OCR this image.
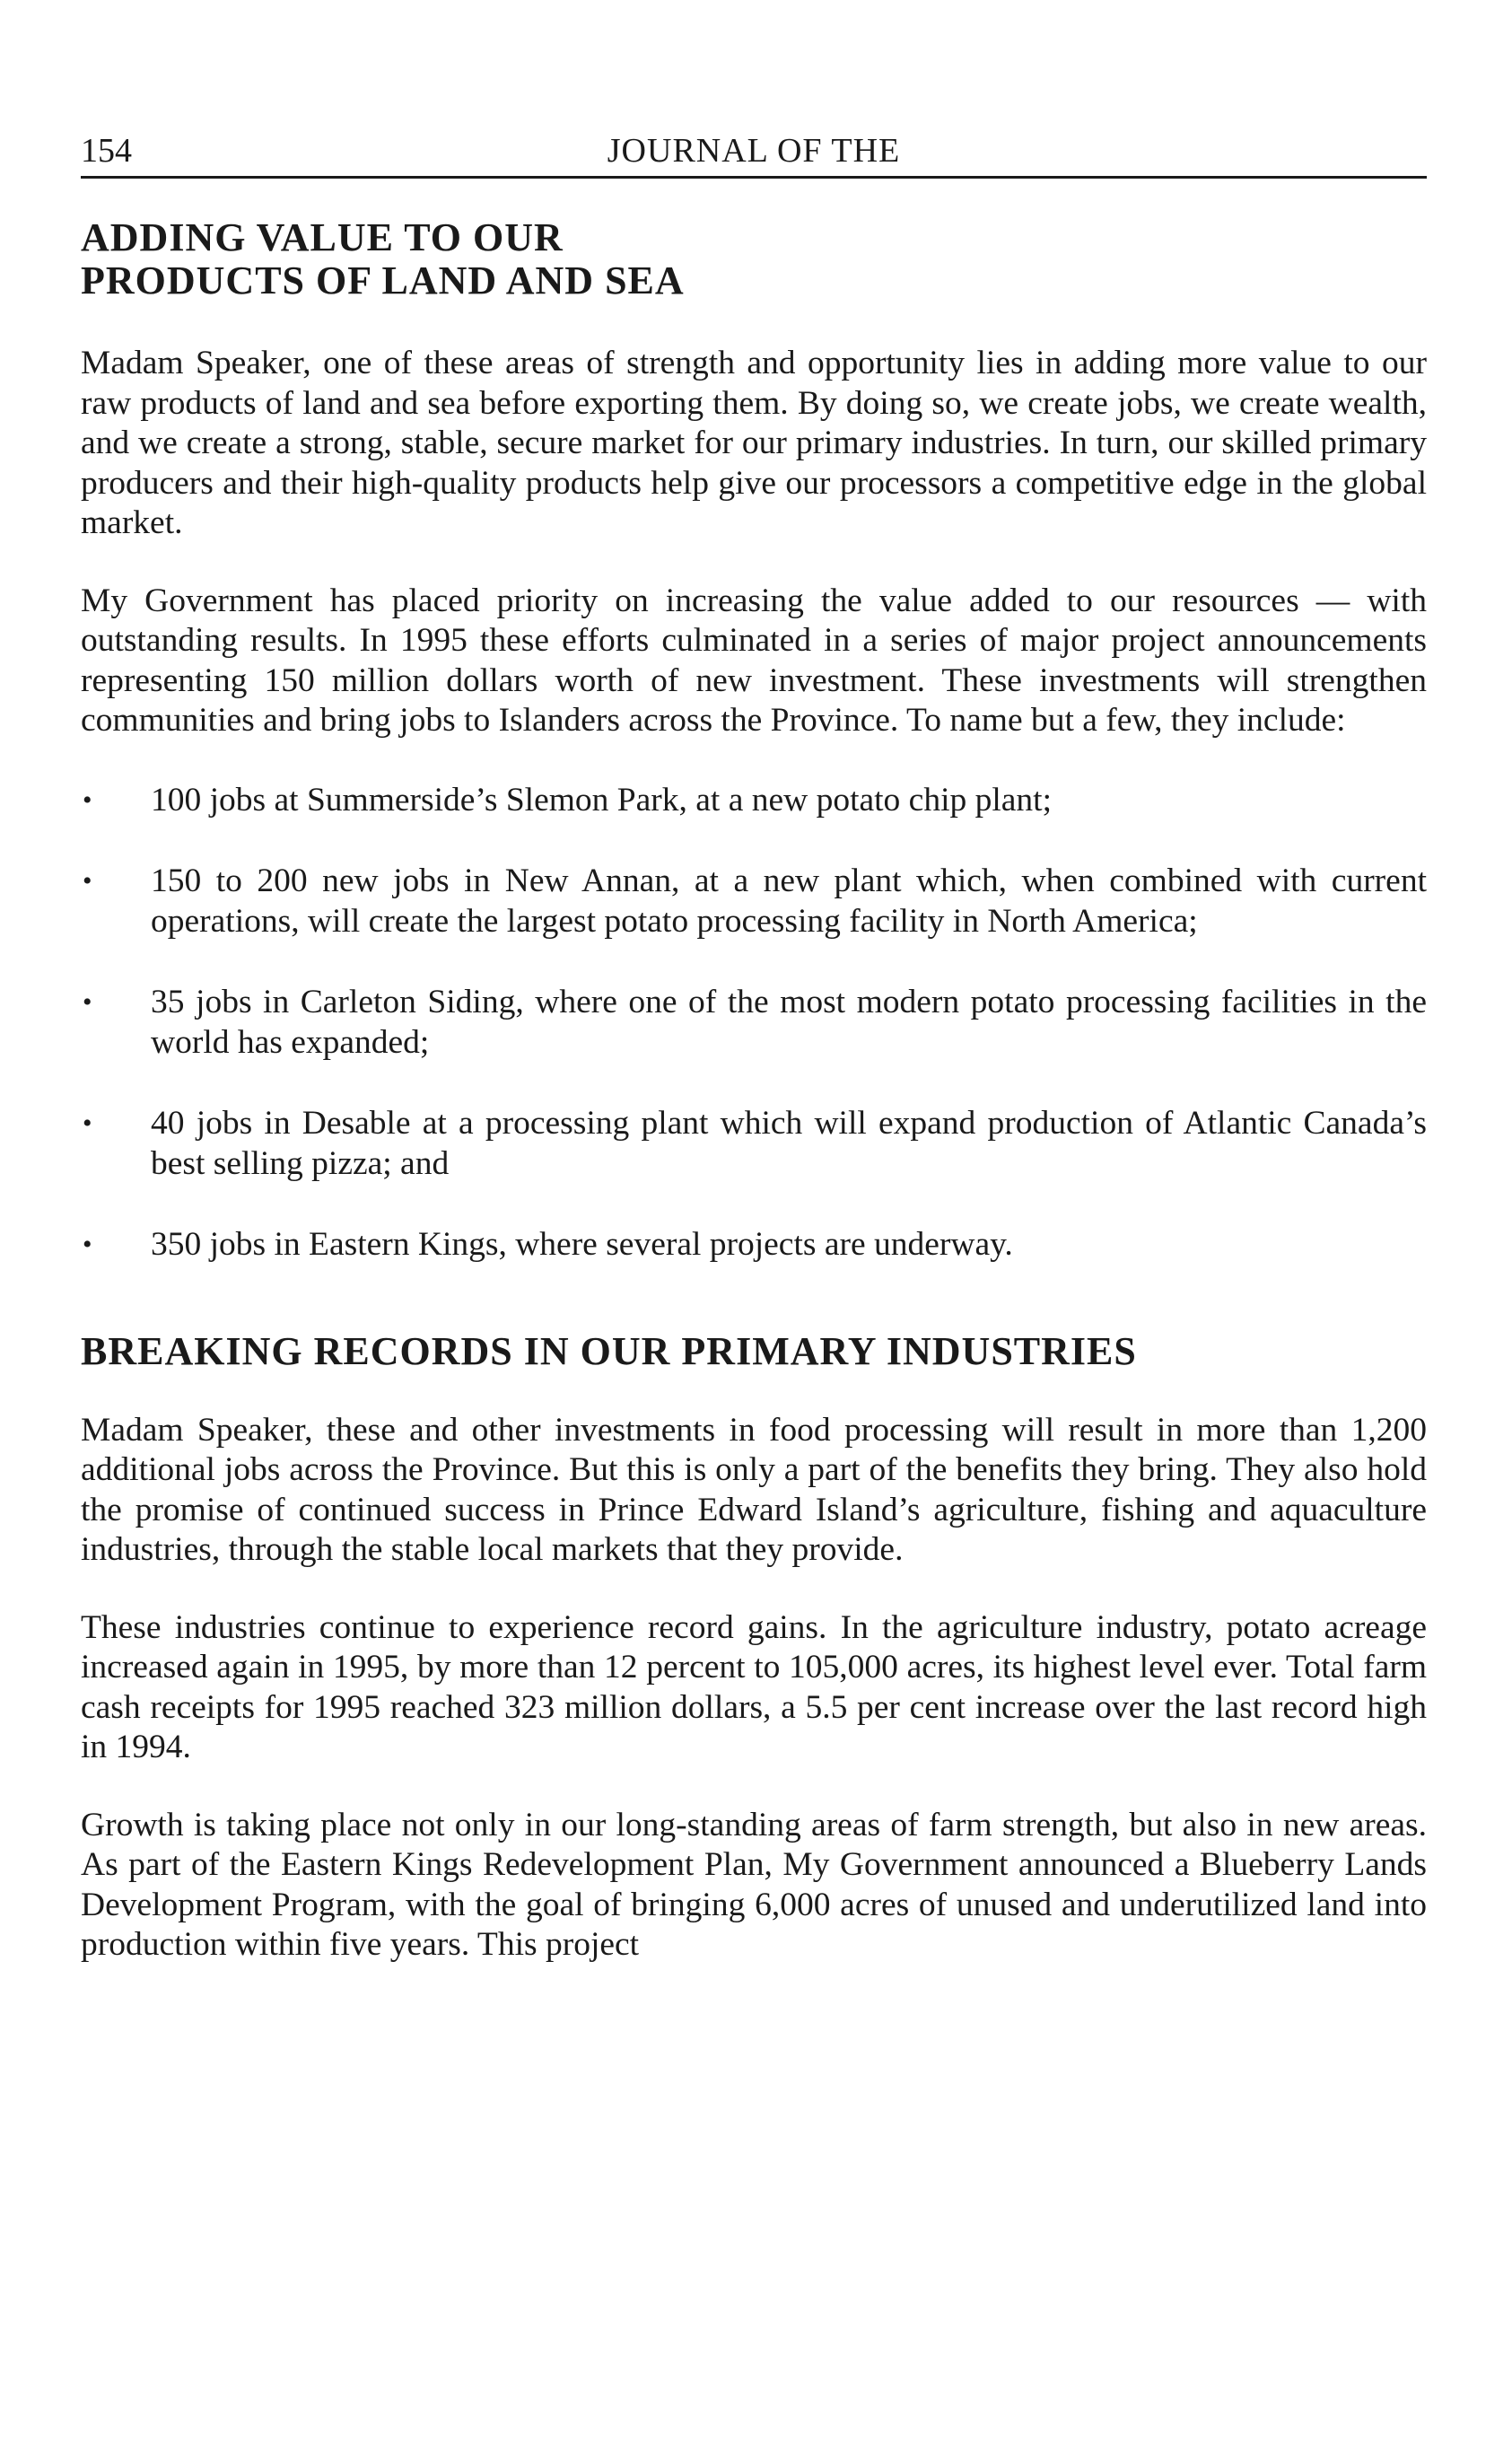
154	JOURNAL OF THE
ADDING VALUE TO OUR
PRODUCTS OF LAND AND SEA

Madam Speaker, one of these areas of strength and opportunity lies in adding more value to our raw products of land and sea before exporting them. By doing so, we create jobs, we create wealth, and we create a strong, stable, secure market for our primary industries. In turn, our skilled primary producers and their high-quality products help give our processors a competitive edge in the global market.

My Government has placed priority on increasing the value added to our resources — with outstanding results. In 1995 these efforts culminated in a series of major project announcements representing 150 million dollars worth of new investment. These investments will strengthen communities and bring jobs to Islanders across the Province. To name but a few, they include:

• 100 jobs at Summerside’s Slemon Park, at a new potato chip plant;
• 150 to 200 new jobs in New Annan, at a new plant which, when combined with current operations, will create the largest potato processing facility in North America;
• 35 jobs in Carleton Siding, where one of the most modern potato processing facilities in the world has expanded;
• 40 jobs in Desable at a processing plant which will expand production of Atlantic Canada’s best selling pizza; and
• 350 jobs in Eastern Kings, where several projects are underway.
BREAKING RECORDS IN OUR PRIMARY INDUSTRIES

Madam Speaker, these and other investments in food processing will result in more than 1,200 additional jobs across the Province. But this is only a part of the benefits they bring. They also hold the promise of continued success in Prince Edward Island’s agriculture, fishing and aquaculture industries, through the stable local markets that they provide.

These industries continue to experience record gains. In the agriculture industry, potato acreage increased again in 1995, by more than 12 percent to 105,000 acres, its highest level ever. Total farm cash receipts for 1995 reached 323 million dollars, a 5.5 per cent increase over the last record high in 1994.

Growth is taking place not only in our long-standing areas of farm strength, but also in new areas. As part of the Eastern Kings Redevelopment Plan, My Government announced a Blueberry Lands Development Program, with the goal of bringing 6,000 acres of unused and underutilized land into production within five years. This project
